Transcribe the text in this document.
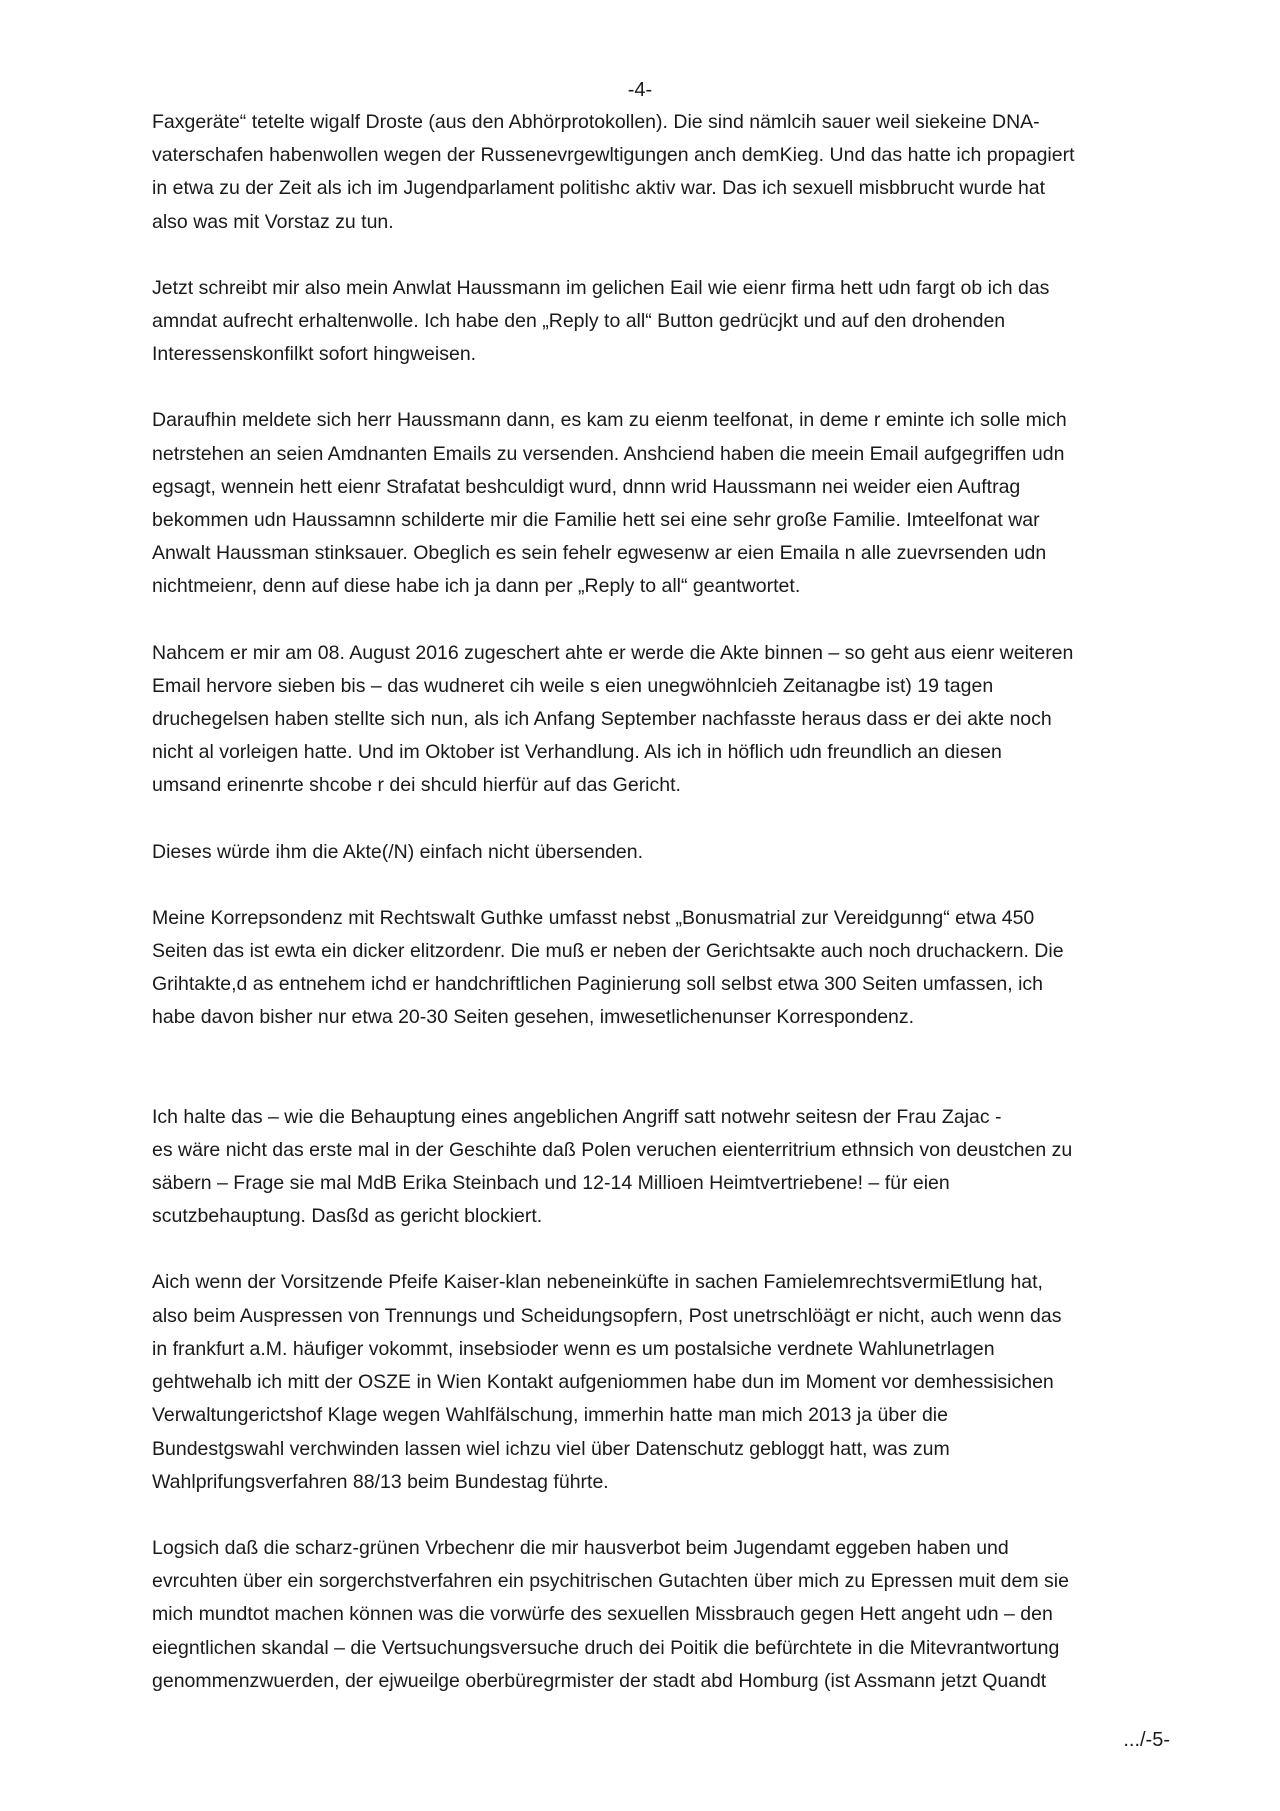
-4-

Faxgeräte“ tetelte wigalf Droste (aus den Abhörprotokollen). Die sind nämlcih sauer weil siekeine DNA-

vaterschafen habenwollen wegen der Russenevrgewltigungen anch demKieg. Und das hatte ich propagiert

in etwa zu der Zeit als ich im Jugendparlament politishc aktiv war. Das ich sexuell misbbrucht wurde hat

also was mit Vorstaz zu tun.

Jetzt schreibt mir also mein Anwlat Haussmann im gelichen Eail wie eienr firma hett udn fargt ob ich das

amndat aufrecht erhaltenwolle. Ich habe den „Reply to all“ Button gedrücjkt und auf den drohenden

Interessenskonfilkt sofort hingweisen.

Daraufhin meldete sich herr Haussmann dann, es kam zu eienm teelfonat, in deme r eminte ich solle mich

netrstehen an seien Amdnanten Emails zu versenden. Anshciend haben die meein Email aufgegriffen udn

egsagt, wennein hett eienr Strafatat beshculdigt wurd, dnnn wrid Haussmann nei weider eien Auftrag

bekommen udn Haussamnn schilderte mir die Familie hett sei eine sehr große Familie. Imteelfonat war

Anwalt Haussman stinksauer. Obeglich es sein fehelr egwesenw ar eien Emaila n alle zuevrsenden udn

nichtmeienr, denn auf diese habe ich ja dann per „Reply to all“ geantwortet.

Nahcem er mir am 08. August 2016 zugeschert ahte er werde die Akte binnen – so geht aus eienr weiteren

Email hervore sieben bis – das wudneret cih weile s eien unegwöhnlcieh Zeitanagbe ist) 19 tagen

druchegelsen haben stellte sich nun, als ich Anfang September nachfasste heraus dass er dei akte noch

nicht al vorleigen hatte. Und im Oktober ist Verhandlung. Als ich in höflich udn freundlich an diesen

umsand erinenrte shcobe r dei shculd hierfür auf das Gericht.

Dieses würde ihm die Akte(/N) einfach nicht übersenden.

Meine Korrepsondenz mit Rechtswalt Guthke umfasst nebst „Bonusmatrial zur Vereidgunng“ etwa 450

Seiten das ist ewta ein dicker elitzordenr. Die muß er neben der Gerichtsakte auch noch druchackern. Die

Grihtakte,d as entnehem ichd er handchriftlichen Paginierung soll selbst etwa 300 Seiten umfassen, ich

habe davon bisher nur etwa 20-30 Seiten gesehen, imwesetlichenunser Korrespondenz.

Ich halte das – wie die Behauptung eines angeblichen Angriff satt notwehr seitesn der Frau Zajac -

es wäre nicht das erste mal in der Geschihte daß Polen veruchen eienterritrium ethnsich von deustchen zu

säbern – Frage sie mal MdB Erika Steinbach und 12-14 Millioen Heimtvertriebene! – für eien

scutzbehauptung. Dasßd as gericht blockiert.

Aich wenn der Vorsitzende Pfeife Kaiser-klan nebeneinküfte in sachen FamielemrechtsvermiEtlung hat,

also beim Auspressen von Trennungs und Scheidungsopfern, Post unetrschlöägt er nicht, auch wenn das

in frankfurt a.M. häufiger vokommt, insebsioder wenn es um postalsiche verdnete Wahlunetrlagen

gehtwehalb ich mitt der OSZE in Wien Kontakt aufgeniommen habe dun im Moment vor demhessisichen

Verwaltungerictshof Klage wegen Wahlfälschung, immerhin hatte man mich 2013 ja über die

Bundestgswahl verchwinden lassen wiel ichzu viel über Datenschutz gebloggt hatt, was zum

Wahlprifungsverfahren 88/13 beim Bundestag führte.

Logsich daß die scharz-grünen Vrbechenr die mir hausverbot beim Jugendamt eggeben haben und

evrcuhten über ein sorgerchstverfahren ein psychitrischen Gutachten über mich zu Epressen muit dem sie

mich mundtot machen können was die vorwürfe des sexuellen Missbrauch gegen Hett angeht udn – den

eiegntlichen skandal – die Vertsuchungsversuche druch dei Poitik die befürchtete in die Mitevrantwortung

genommenzwuerden, der ejwueilge oberbüregrmister der stadt abd Homburg (ist Assmann jetzt Quandt

.../-5-
